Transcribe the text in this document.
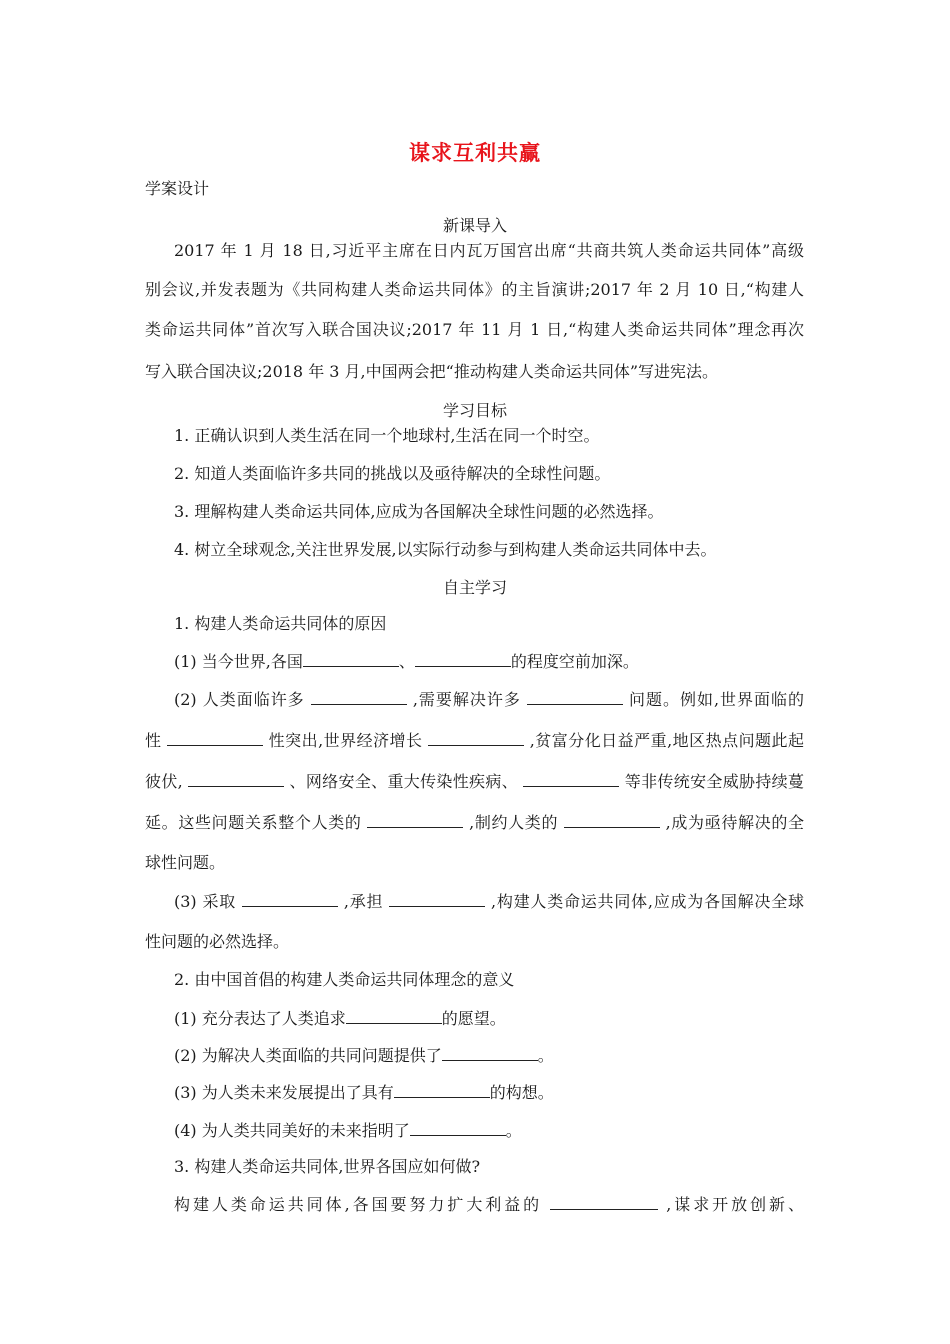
谋求互利共赢
学案设计
新课导入
2017 年 1 月 18 日,习近平主席在日内瓦万国宫出席“共商共筑人类命运共同体”高级
别会议,并发表题为《共同构建人类命运共同体》的主旨演讲;2017 年 2 月 10 日,“构建人
类命运共同体”首次写入联合国决议;2017 年 11 月 1 日,“构建人类命运共同体”理念再次
写入联合国决议;2018 年 3 月,中国两会把“推动构建人类命运共同体”写进宪法。
学习目标
1. 正确认识到人类生活在同一个地球村,生活在同一个时空。
2. 知道人类面临许多共同的挑战以及亟待解决的全球性问题。
3. 理解构建人类命运共同体,应成为各国解决全球性问题的必然选择。
4. 树立全球观念,关注世界发展,以实际行动参与到构建人类命运共同体中去。
自主学习
1. 构建人类命运共同体的原因
(1) 当今世界,各国	、	的程度空前加深。
(2) 人类面临许多	,需要解决许多	问题。例如,世界面临的
性	性突出,世界经济增长	,贫富分化日益严重,地区热点问题此起
彼伏,	、网络安全、重大传染性疾病、	等非传统安全威胁持续蔓
延。这些问题关系整个人类的	,制约人类的	,成为亟待解决的全
球性问题。
(3) 采取	,承担	,构建人类命运共同体,应成为各国解决全球
性问题的必然选择。
2. 由中国首倡的构建人类命运共同体理念的意义
(1) 充分表达了人类追求	的愿望。
(2) 为解决人类面临的共同问题提供了	。
(3) 为人类未来发展提出了具有	的构想。
(4) 为人类共同美好的未来指明了	。
3. 构建人类命运共同体,世界各国应如何做?
构建人类命运共同体,各国要努力扩大利益的	,谋求开放创新、
